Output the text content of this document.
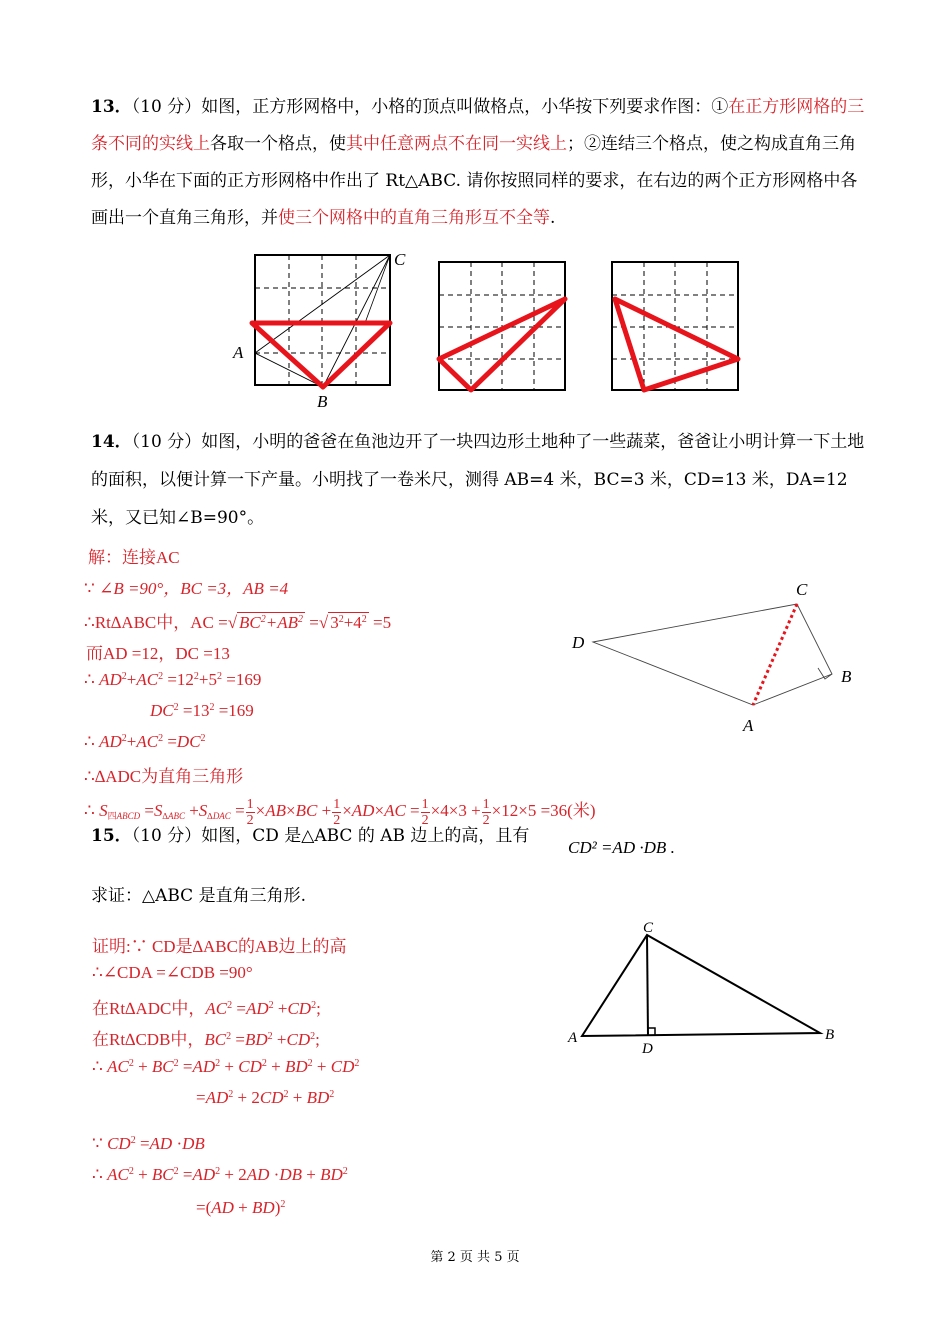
13．（10 分）如图，正方形网格中，小格的顶点叫做格点，小华按下列要求作图：①在正方形网格的三条不同的实线上各取一个格点，使其中任意两点不在同一实线上；②连结三个格点，使之构成直角三角形，小华在下面的正方形网格中作出了 Rt△ABC. 请你按照同样的要求，在右边的两个正方形网格中各画出一个直角三角形，并使三个网格中的直角三角形互不全等.
A
B
C
14．（10 分）如图，小明的爸爸在鱼池边开了一块四边形土地种了一些蔬菜，爸爸让小明计算一下土地的面积，以便计算一下产量。小明找了一卷米尺，测得 AB=4 米，BC=3 米，CD=13 米，DA=12 米，又已知∠B=90°。
解：连接AC
∵ ∠B =90°，BC =3，AB =4
∴Rt∆ABC中，AC =√ $BC^2+AB^2$ =√ $3^2+4^2 =5$
而AD =12，DC =13
∴ $AD^2+AC^2 =12^2+5^2 =169$
$DC^2 =13^2 =169$
∴ $AD^2+AC^2 =DC^2$
∴∆ADC为直角三角形
∴ $S_{四ABCD} =S_{\Delta ABC} +S_{\Delta DAC} = \frac{1}{2} \times AB\times BC + \frac{1}{2} \times AD\times AC = \frac{1}{2} \times 4\times 3 + \frac{1}{2} \times 12\times 5 =36$(米)
C
D
B
A
15．（10 分）如图，CD 是△ABC 的 AB 边上的高，且有
CD² =AD ·DB .
求证：△ABC 是直角三角形.
证明:∵ CD是∆ABC的AB边上的高
∴∠CDA =∠CDB =90°
在Rt∆ADC中，$AC^2 =AD^2 +CD^2$;
在Rt∆CDB中，$BC^2 =BD^2 +CD^2$;
∴ $AC^2 + BC^2 =AD^2 + CD^2 + BD^2 + CD^2$
$=AD^2 + 2CD^2 + BD^2$
∵ $CD^2 =AD \cdot DB$
∴ $AC^2 + BC^2 =AD^2 + 2AD \cdot DB + BD^2$
=(AD + BD)$^2$
C
A
D
B
第 2 页 共 5 页
